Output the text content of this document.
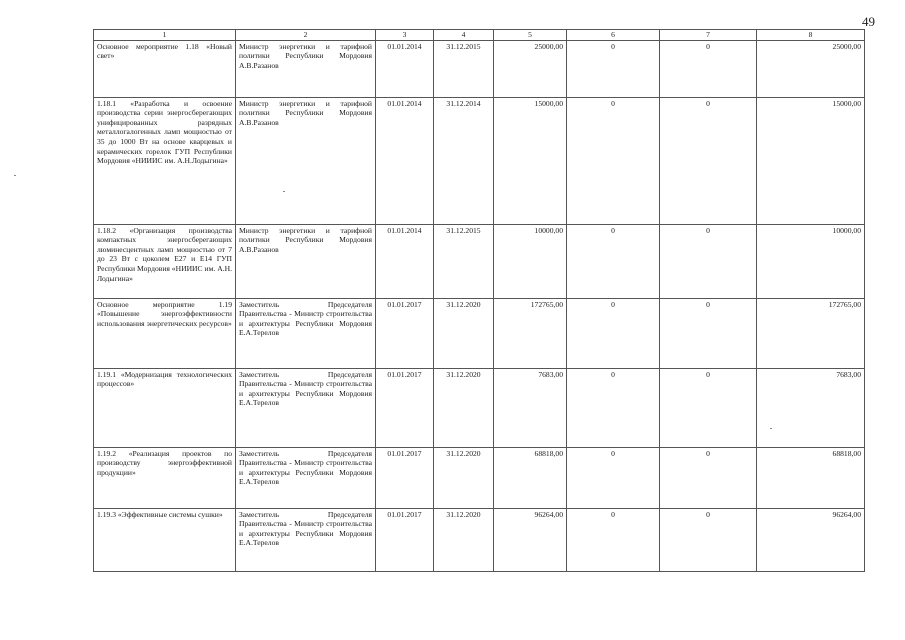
49
1	2	3	4	5	6	7	8
Основное мероприятие 1.18 «Новый свет»	Министр энергетики и тарифной политики Республики Мордовия А.В.Разанов	01.01.2014	31.12.2015	25000,00	0	0	25000,00
1.18.1 «Разработка и освоение производства серии энергосберегающих унифицированных разрядных металлогалогенных ламп мощностью от 35 до 1000 Вт на основе кварцевых и керамических горелок ГУП Республики Мордовия «НИИИС им. А.Н.Лодыгина»	Министр энергетики и тарифной политики Республики Мордовия А.В.Разанов	01.01.2014	31.12.2014	15000,00	0	0	15000,00
1.18.2 «Организация производства компактных энергосберегающих люминесцентных ламп мощностью от 7 до 23 Вт с цоколем Е27 и Е14 ГУП Республики Мордовия «НИИИС им. А.Н. Лодыгина»	Министр энергетики и тарифной политики Республики Мордовия А.В.Разанов	01.01.2014	31.12.2015	10000,00	0	0	10000,00
Основное мероприятие 1.19 «Повышение энергоэффективности использования энергетических ресурсов»	Заместитель Председателя Правительства - Министр строительства и архитектуры Республики Мордовия Е.А.Терелов	01.01.2017	31.12.2020	172765,00	0	0	172765,00
1.19.1 «Модернизация технологических процессов»	Заместитель Председателя Правительства - Министр строительства и архитектуры Республики Мордовия Е.А.Терелов	01.01.2017	31.12.2020	7683,00	0	0	7683,00
1.19.2 «Реализация проектов по производству энергоэффективной продукции»	Заместитель Председателя Правительства - Министр строительства и архитектуры Республики Мордовия Е.А.Терелов	01.01.2017	31.12.2020	68818,00	0	0	68818,00
1.19.3 «Эффективные системы сушки»	Заместитель Председателя Правительства - Министр строительства и архитектуры Республики Мордовия Е.А.Терелов	01.01.2017	31.12.2020	96264,00	0	0	96264,00
